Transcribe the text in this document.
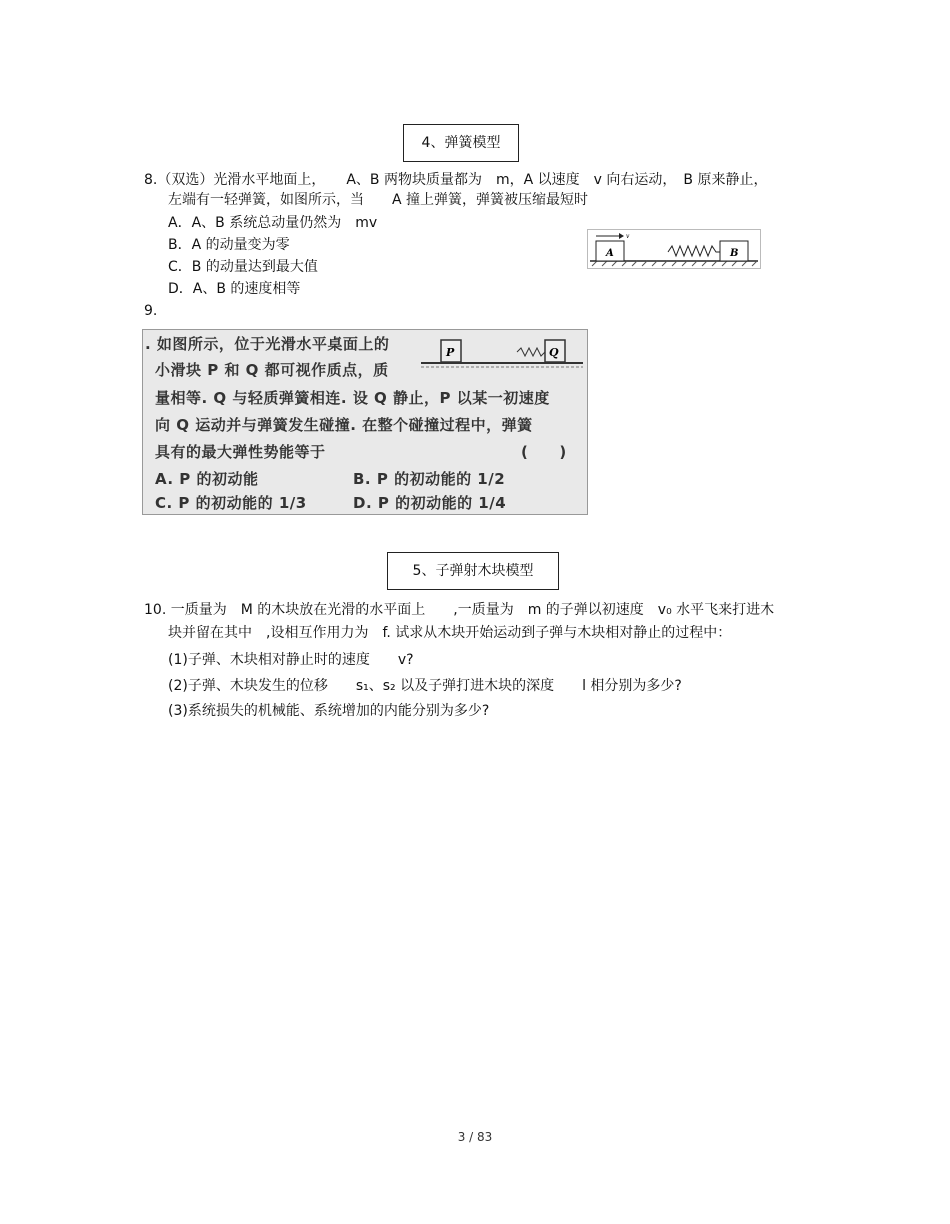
4、弹簧模型
8.（双选）光滑水平地面上，　　A、B 两物块质量都为　m，A 以速度　v 向右运动，　B 原来静止，
左端有一轻弹簧，如图所示，当　　A 撞上弹簧，弹簧被压缩最短时
A．A、B 系统总动量仍然为　mv
B．A 的动量变为零
C．B 的动量达到最大值
D．A、B 的速度相等
A
v
B
9.
. 如图所示，位于光滑水平桌面上的
小滑块 P 和 Q 都可视作质点，质
量相等. Q 与轻质弹簧相连. 设 Q 静止，P 以某一初速度
向 Q 运动并与弹簧发生碰撞. 在整个碰撞过程中，弹簧
具有的最大弹性势能等于	(　　)
A. P 的初动能	B. P 的初动能的 1/2
C. P 的初动能的 1/3	D. P 的初动能的 1/4
P	Q
5、子弹射木块模型
10. 一质量为　M 的木块放在光滑的水平面上　　,一质量为　m 的子弹以初速度　v₀ 水平飞来打进木
块并留在其中　,设相互作用力为　f. 试求从木块开始运动到子弹与木块相对静止的过程中：
(1)子弹、木块相对静止时的速度　　v?
(2)子弹、木块发生的位移　　s₁、s₂ 以及子弹打进木块的深度　　l 相分别为多少?
(3)系统损失的机械能、系统增加的内能分别为多少?
3 / 83
